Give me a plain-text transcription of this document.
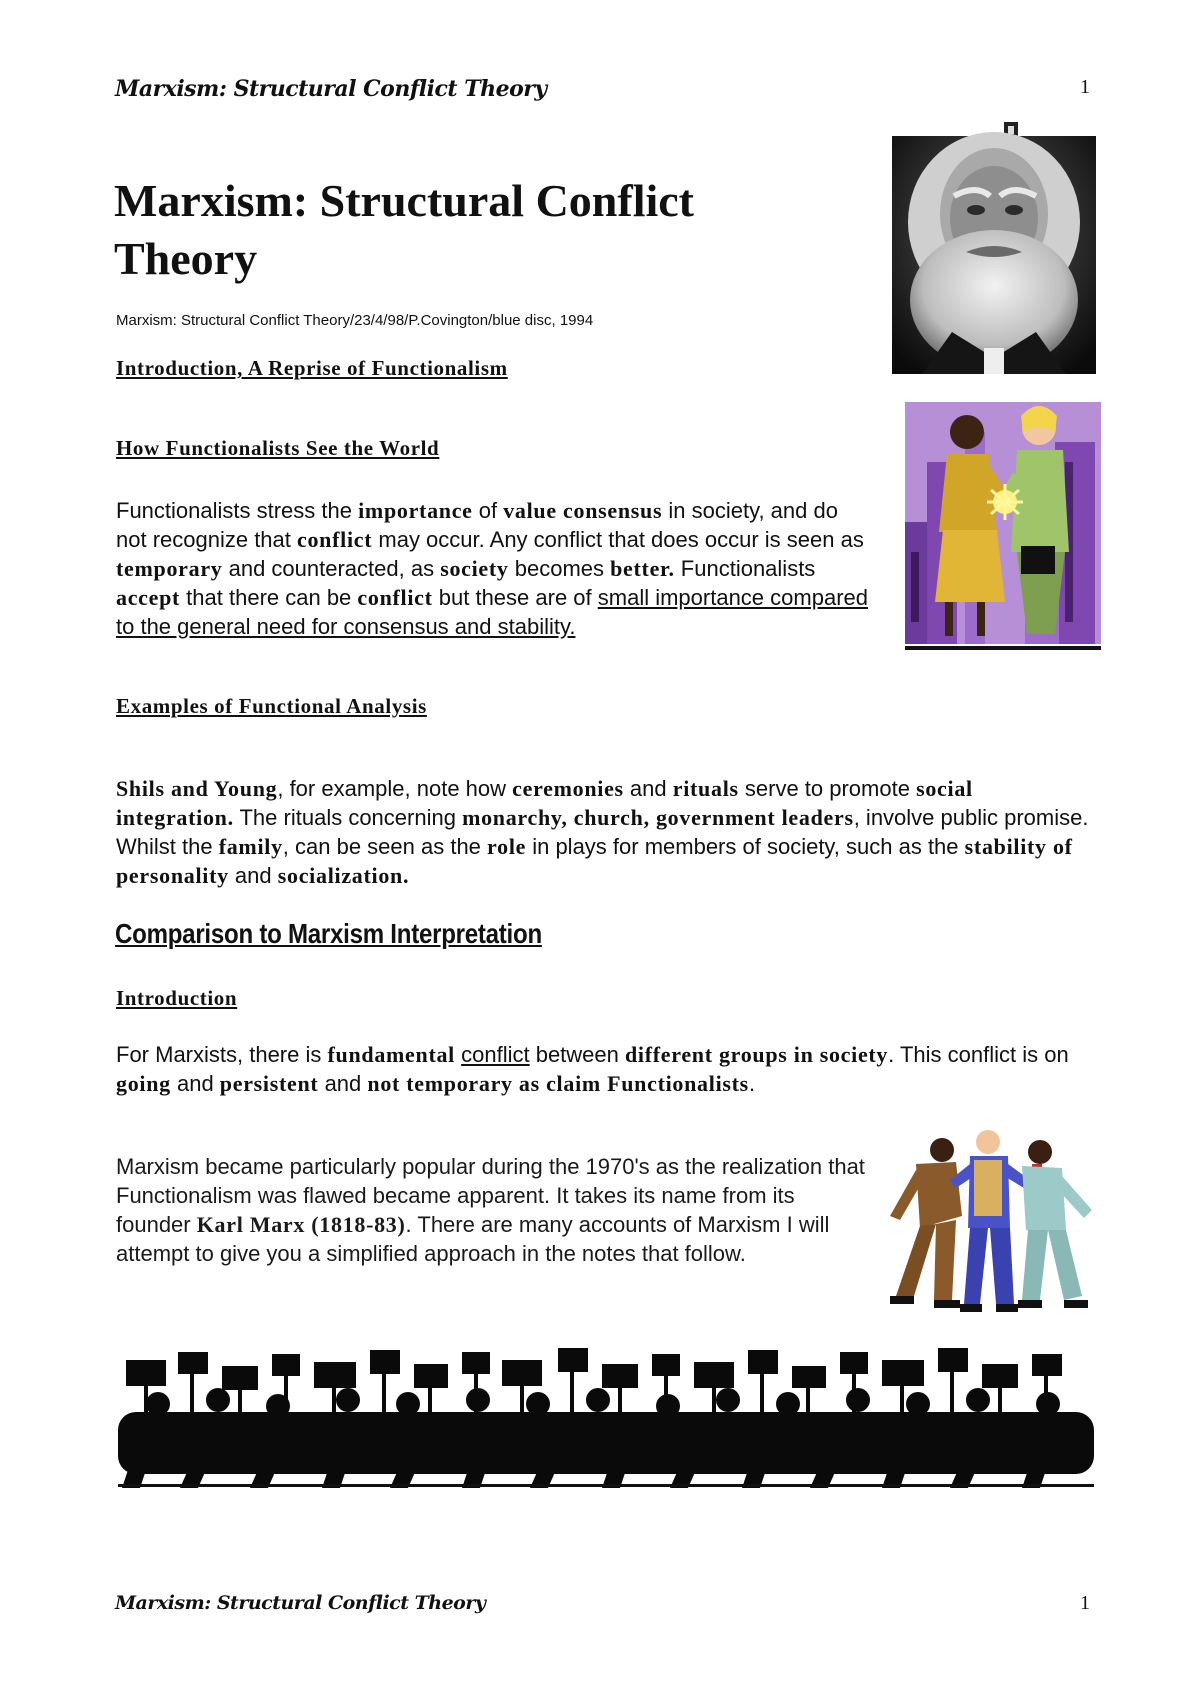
Marxism: Structural Conflict Theory	1
Marxism: Structural Conflict Theory
Marxism: Structural Conflict Theory/23/4/98/P.Covington/blue disc, 1994
Introduction, A Reprise of Functionalism
How Functionalists See the World
Functionalists stress the importance of value consensus in society, and do not recognize that conflict may occur. Any conflict that does occur is seen as temporary and counteracted, as society becomes better. Functionalists accept that there can be conflict but these are of small importance compared to the general need for consensus and stability.
Examples of Functional Analysis
Shils and Young, for example, note how ceremonies and rituals serve to promote social integration. The rituals concerning monarchy, church, government leaders, involve public promise. Whilst the family, can be seen as the role in plays for members of society, such as the stability of personality and socialization.
Comparison to Marxism Interpretation
Introduction
For Marxists, there is fundamental conflict between different groups in society. This conflict is on going and persistent and not temporary as claim Functionalists.
Marxism became particularly popular during the 1970's as the realization that Functionalism was flawed became apparent. It takes its name from its founder Karl Marx (1818-83). There are many accounts of Marxism I will attempt to give you a simplified approach in the notes that follow.
Marxism: Structural Conflict Theory	1
